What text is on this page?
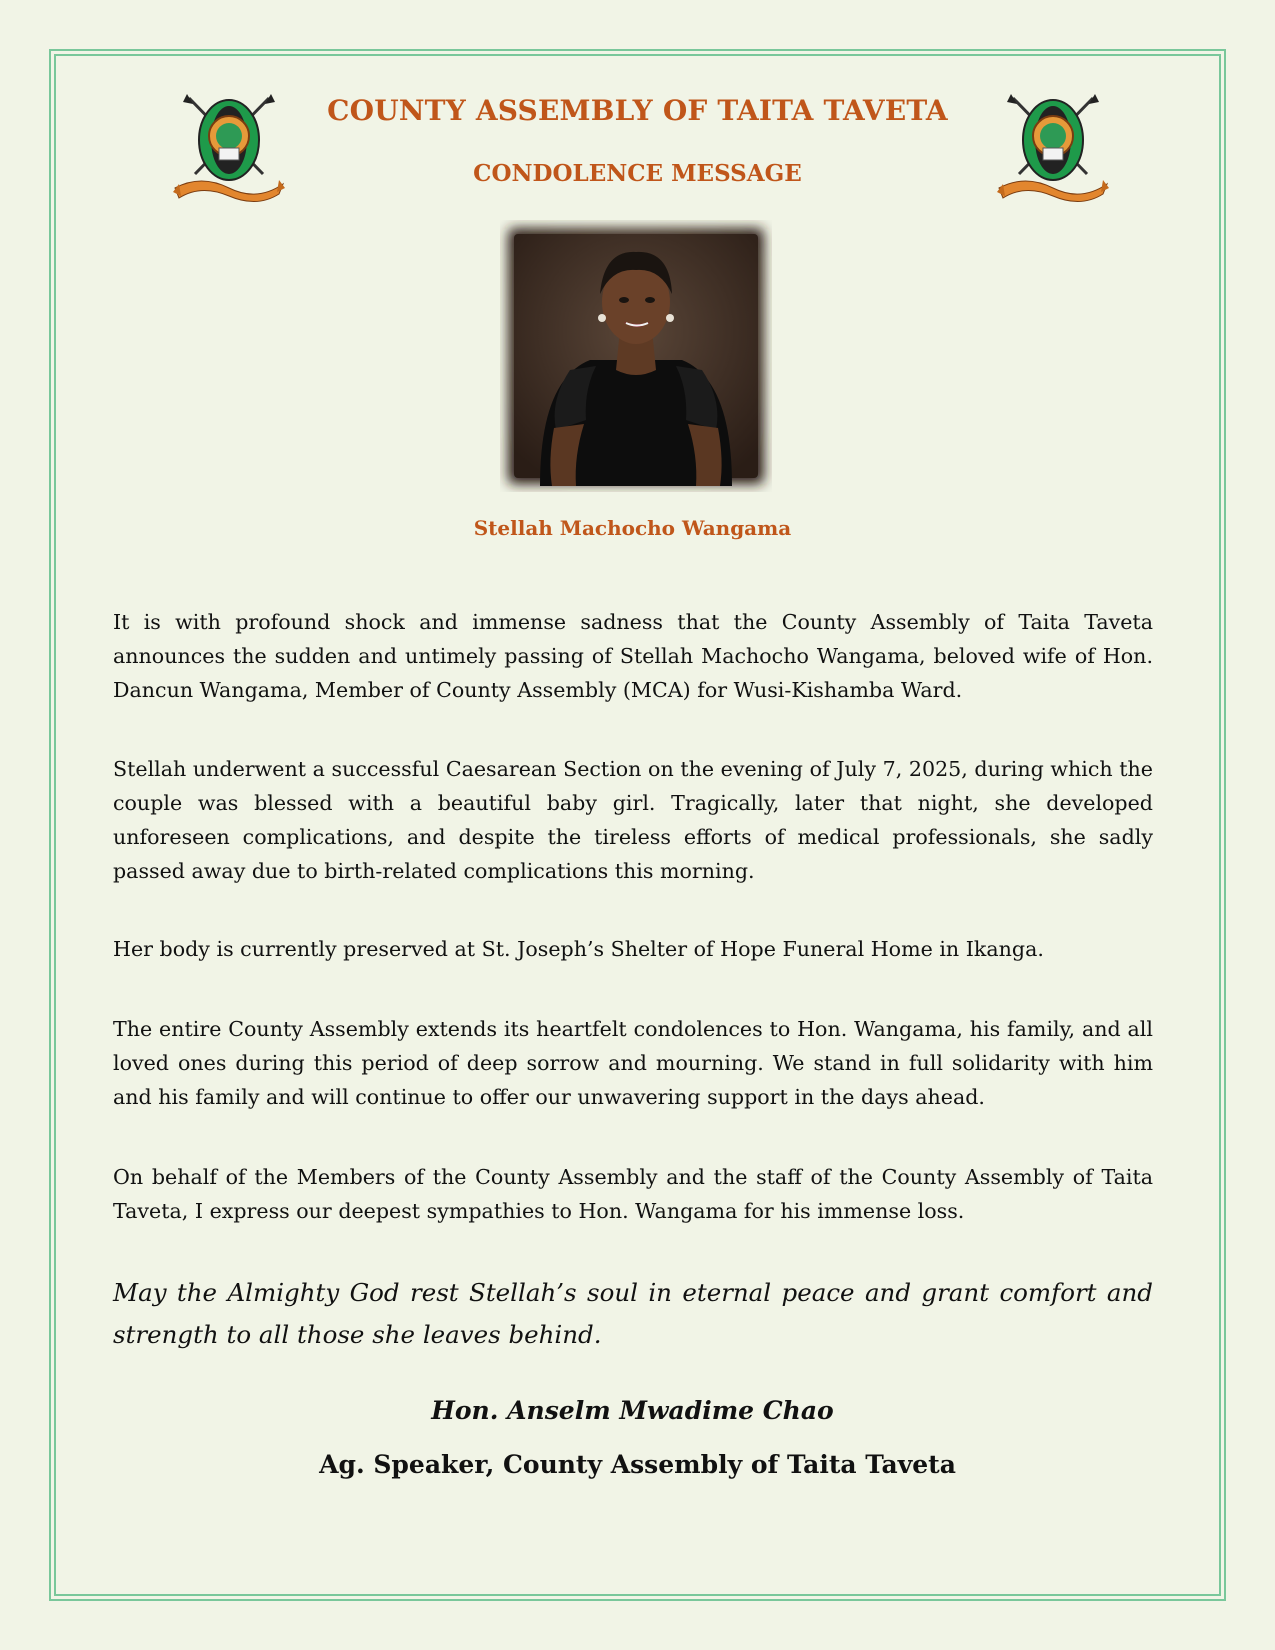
COUNTY ASSEMBLY OF TAITA TAVETA
CONDOLENCE MESSAGE

Stellah Machocho Wangama

It is with profound shock and immense sadness that the County Assembly of Taita Taveta announces the sudden and untimely passing of Stellah Machocho Wangama, beloved wife of Hon. Dancun Wangama, Member of County Assembly (MCA) for Wusi-Kishamba Ward.

Stellah underwent a successful Caesarean Section on the evening of July 7, 2025, during which the couple was blessed with a beautiful baby girl. Tragically, later that night, she developed unforeseen complications, and despite the tireless efforts of medical professionals, she sadly passed away due to birth-related complications this morning.

Her body is currently preserved at St. Joseph’s Shelter of Hope Funeral Home in Ikanga.

The entire County Assembly extends its heartfelt condolences to Hon. Wangama, his family, and all loved ones during this period of deep sorrow and mourning. We stand in full solidarity with him and his family and will continue to offer our unwavering support in the days ahead.

On behalf of the Members of the County Assembly and the staff of the County Assembly of Taita Taveta, I express our deepest sympathies to Hon. Wangama for his immense loss.

May the Almighty God rest Stellah’s soul in eternal peace and grant comfort and strength to all those she leaves behind.

Hon. Anselm Mwadime Chao

Ag. Speaker, County Assembly of Taita Taveta
